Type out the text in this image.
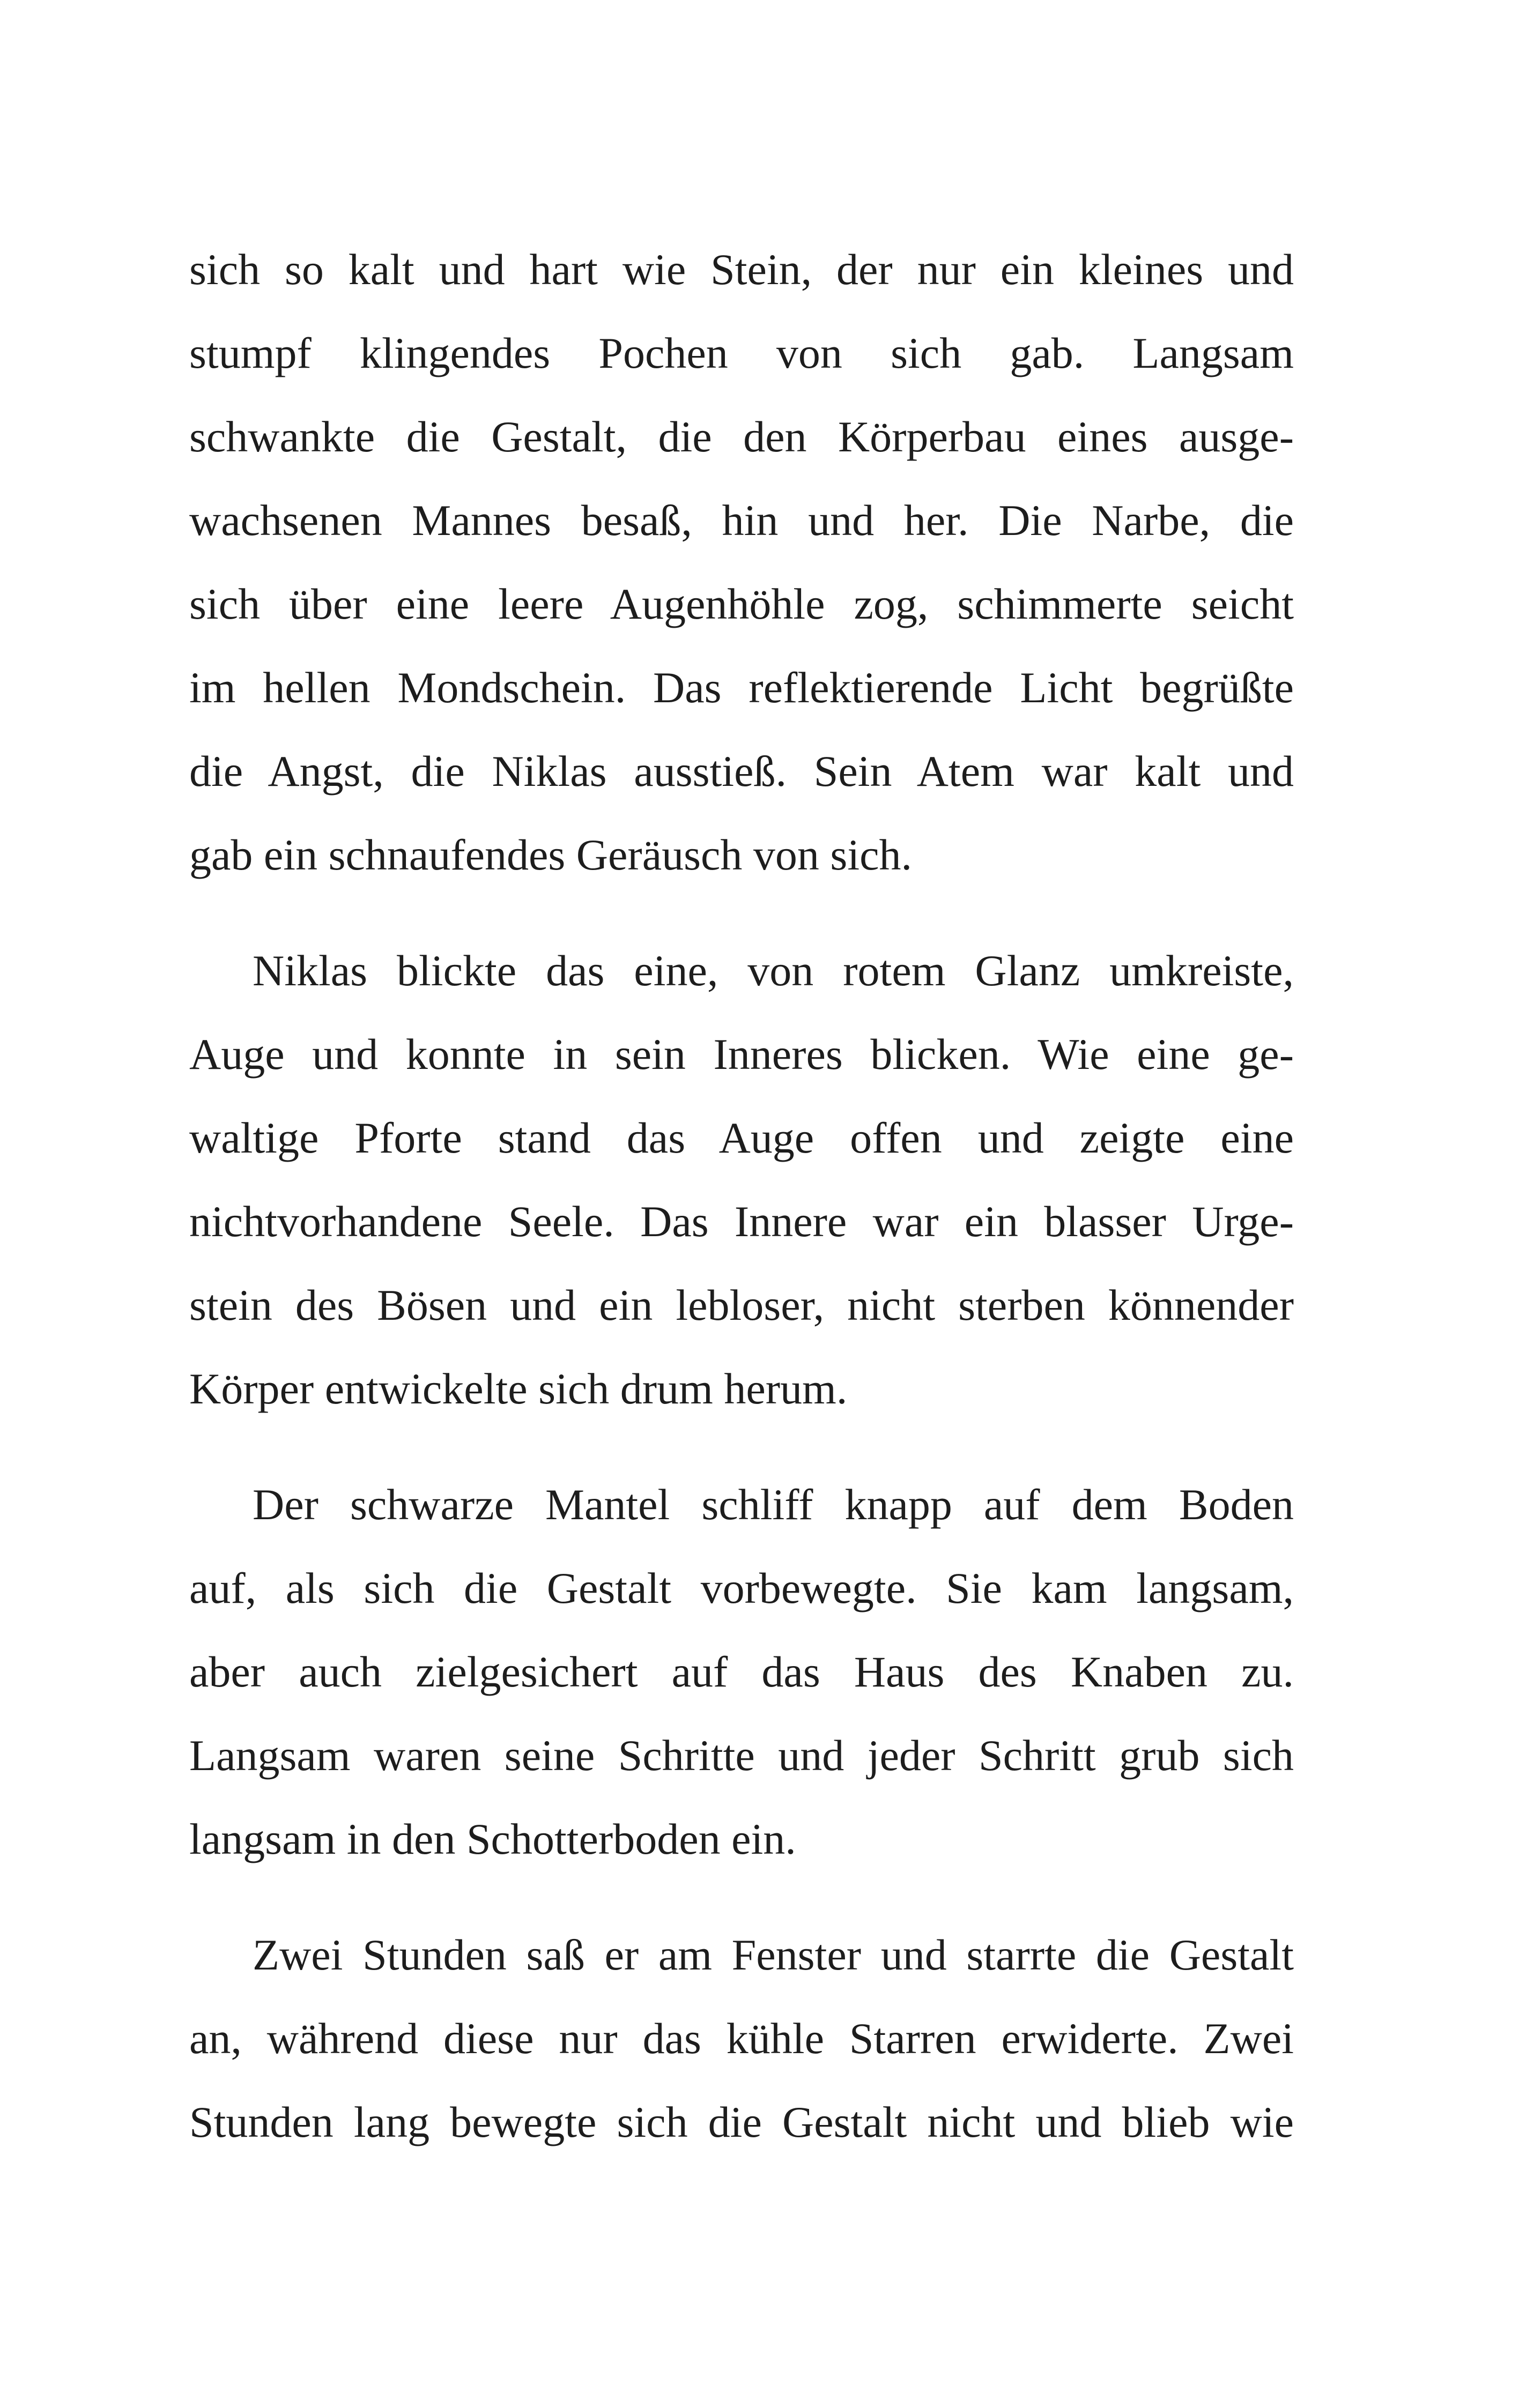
sich so kalt und hart wie Stein, der nur ein kleines und
stumpf klingendes Pochen von sich gab. Langsam
schwankte die Gestalt, die den Körperbau eines ausge-
wachsenen Mannes besaß, hin und her. Die Narbe, die
sich über eine leere Augenhöhle zog, schimmerte seicht
im hellen Mondschein. Das reflektierende Licht begrüßte
die Angst, die Niklas ausstieß. Sein Atem war kalt und
gab ein schnaufendes Geräusch von sich.

Niklas blickte das eine, von rotem Glanz umkreiste,
Auge und konnte in sein Inneres blicken. Wie eine ge-
waltige Pforte stand das Auge offen und zeigte eine
nichtvorhandene Seele. Das Innere war ein blasser Urge-
stein des Bösen und ein lebloser, nicht sterben könnender
Körper entwickelte sich drum herum.

Der schwarze Mantel schliff knapp auf dem Boden
auf, als sich die Gestalt vorbewegte. Sie kam langsam,
aber auch zielgesichert auf das Haus des Knaben zu.
Langsam waren seine Schritte und jeder Schritt grub sich
langsam in den Schotterboden ein.

Zwei Stunden saß er am Fenster und starrte die Gestalt
an, während diese nur das kühle Starren erwiderte. Zwei
Stunden lang bewegte sich die Gestalt nicht und blieb wie
